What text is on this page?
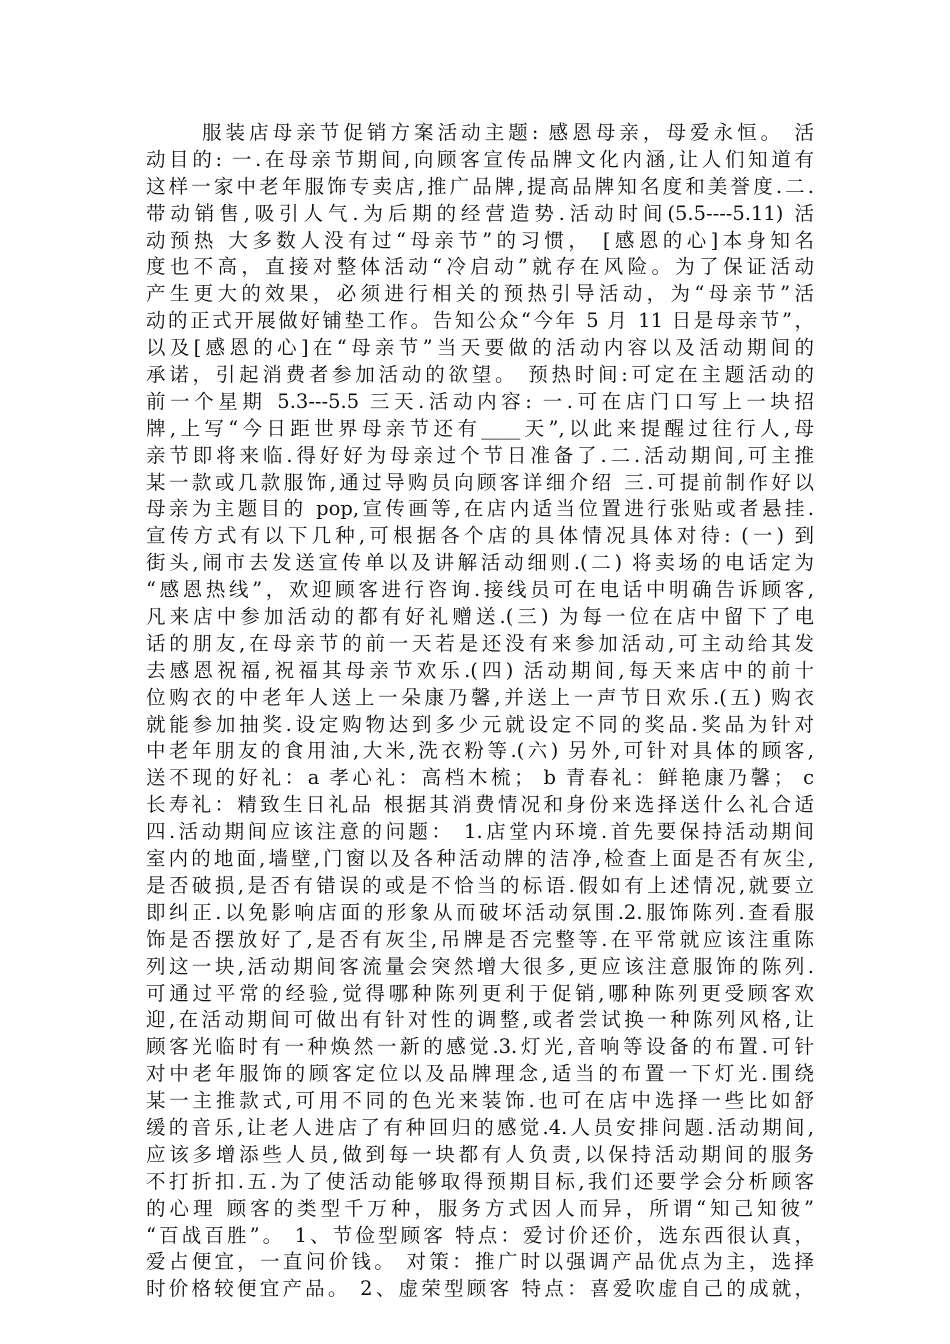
服装店母亲节促销方案活动主题: 感恩母亲，母爱永恒。 活
动目的: 一.在母亲节期间,向顾客宣传品牌文化内涵,让人们知道有
这样一家中老年服饰专卖店,推广品牌,提高品牌知名度和美誉度.二.
带动销售,吸引人气.为后期的经营造势.活动时间(5.5----5.11) 活
动预热 大多数人没有过“母亲节”的习惯， [感恩的心]本身知名
度也不高，直接对整体活动“冷启动”就存在风险。为了保证活动
产生更大的效果，必须进行相关的预热引导活动，为“母亲节”活
动的正式开展做好铺垫工作。告知公众“今年 5 月 11 日是母亲节”，
以及[感恩的心]在“母亲节”当天要做的活动内容以及活动期间的
承诺，引起消费者参加活动的欲望。 预热时间:可定在主题活动的
前一个星期 5.3---5.5 三天.活动内容: 一.可在店门口写上一块招
牌,上写“今日距世界母亲节还有____天”,以此来提醒过往行人,母
亲节即将来临.得好好为母亲过个节日准备了.二.活动期间,可主推
某一款或几款服饰,通过导购员向顾客详细介绍 三.可提前制作好以
母亲为主题目的 pop,宣传画等,在店内适当位置进行张贴或者悬挂.
宣传方式有以下几种,可根据各个店的具体情况具体对待: (一) 到
街头,闹市去发送宣传单以及讲解活动细则.(二) 将卖场的电话定为
“感恩热线”，欢迎顾客进行咨询.接线员可在电话中明确告诉顾客,
凡来店中参加活动的都有好礼赠送.(三) 为每一位在店中留下了电
话的朋友,在母亲节的前一天若是还没有来参加活动,可主动给其发
去感恩祝福,祝福其母亲节欢乐.(四) 活动期间,每天来店中的前十
位购衣的中老年人送上一朵康乃馨,并送上一声节日欢乐.(五) 购衣
就能参加抽奖.设定购物达到多少元就设定不同的奖品.奖品为针对
中老年朋友的食用油,大米,洗衣粉等.(六) 另外,可针对具体的顾客,
送不现的好礼：a 孝心礼：高档木梳； b 青春礼：鲜艳康乃馨； c
长寿礼：精致生日礼品 根据其消费情况和身份来选择送什么礼合适
四.活动期间应该注意的问题： 1.店堂内环境.首先要保持活动期间
室内的地面,墙壁,门窗以及各种活动牌的洁净,检查上面是否有灰尘,
是否破损,是否有错误的或是不恰当的标语.假如有上述情况,就要立
即纠正.以免影响店面的形象从而破坏活动氛围.2.服饰陈列.查看服
饰是否摆放好了,是否有灰尘,吊牌是否完整等.在平常就应该注重陈
列这一块,活动期间客流量会突然增大很多,更应该注意服饰的陈列.
可通过平常的经验,觉得哪种陈列更利于促销,哪种陈列更受顾客欢
迎,在活动期间可做出有针对性的调整,或者尝试换一种陈列风格,让
顾客光临时有一种焕然一新的感觉.3.灯光,音响等设备的布置.可针
对中老年服饰的顾客定位以及品牌理念,适当的布置一下灯光.围绕
某一主推款式,可用不同的色光来装饰.也可在店中选择一些比如舒
缓的音乐,让老人进店了有种回归的感觉.4.人员安排问题.活动期间,
应该多增添些人员,做到每一块都有人负责,以保持活动期间的服务
不打折扣.五.为了使活动能够取得预期目标,我们还要学会分析顾客
的心理 顾客的类型千万种，服务方式因人而异，所谓“知己知彼”
“百战百胜”。 1、节俭型顾客 特点：爱讨价还价，选东西很认真，
爱占便宜，一直问价钱。 对策：推广时以强调产品优点为主，选择
时价格较便宜产品。 2、虚荣型顾客 特点：喜爱吹虚自己的成就，
